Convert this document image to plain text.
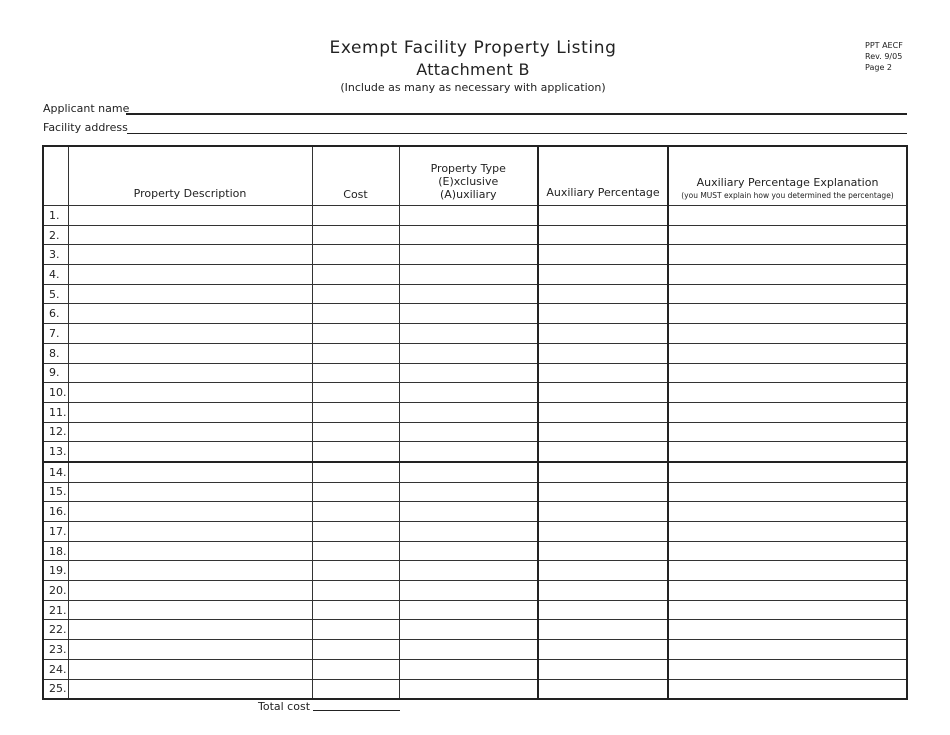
Exempt Facility Property Listing
Attachment B
(Include as many as necessary with application)
PPT AECF
Rev. 9/05
Page 2
Applicant name
Facility address
	Property Description	Cost	Property Type
(E)xclusive
(A)uxiliary	Auxiliary Percentage	Auxiliary Percentage Explanation
(you MUST explain how you determined the percentage)

1.					
2.					
3.					
4.					
5.					
6.					
7.					
8.					
9.					
10.					
11.					
12.					
13.					
14.					
15.					
16.					
17.					
18.					
19.					
20.					
21.					
22.					
23.					
24.					
25.					
Total cost
